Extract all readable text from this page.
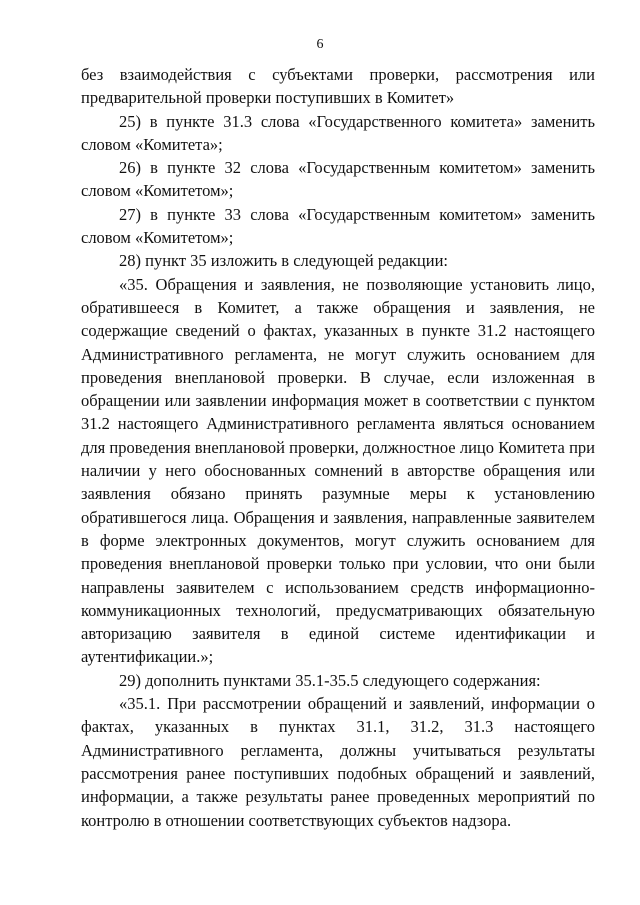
6

без взаимодействия с субъектами проверки, рассмотрения или предварительной проверки поступивших в Комитет»

25) в пункте 31.3 слова «Государственного комитета» заменить словом «Комитета»;

26) в пункте 32 слова «Государственным комитетом» заменить словом «Комитетом»;

27) в пункте 33 слова «Государственным комитетом» заменить словом «Комитетом»;

28) пункт 35 изложить в следующей редакции:

«35. Обращения и заявления, не позволяющие установить лицо, обратившееся в Комитет, а также обращения и заявления, не содержащие сведений о фактах, указанных в пункте 31.2 настоящего Административного регламента, не могут служить основанием для проведения внеплановой проверки. В случае, если изложенная в обращении или заявлении информация может в соответствии с пунктом 31.2 настоящего Административного регламента являться основанием для проведения внеплановой проверки, должностное лицо Комитета при наличии у него обоснованных сомнений в авторстве обращения или заявления обязано принять разумные меры к установлению обратившегося лица. Обращения и заявления, направленные заявителем в форме электронных документов, могут служить основанием для проведения внеплановой проверки только при условии, что они были направлены заявителем с использованием средств информационно-коммуникационных технологий, предусматривающих обязательную авторизацию заявителя в единой системе идентификации и аутентификации.»;

29) дополнить пунктами 35.1-35.5 следующего содержания:

«35.1. При рассмотрении обращений и заявлений, информации о фактах, указанных в пунктах 31.1, 31.2, 31.3 настоящего Административного регламента, должны учитываться результаты рассмотрения ранее поступивших подобных обращений и заявлений, информации, а также результаты ранее проведенных мероприятий по контролю в отношении соответствующих субъектов надзора.
